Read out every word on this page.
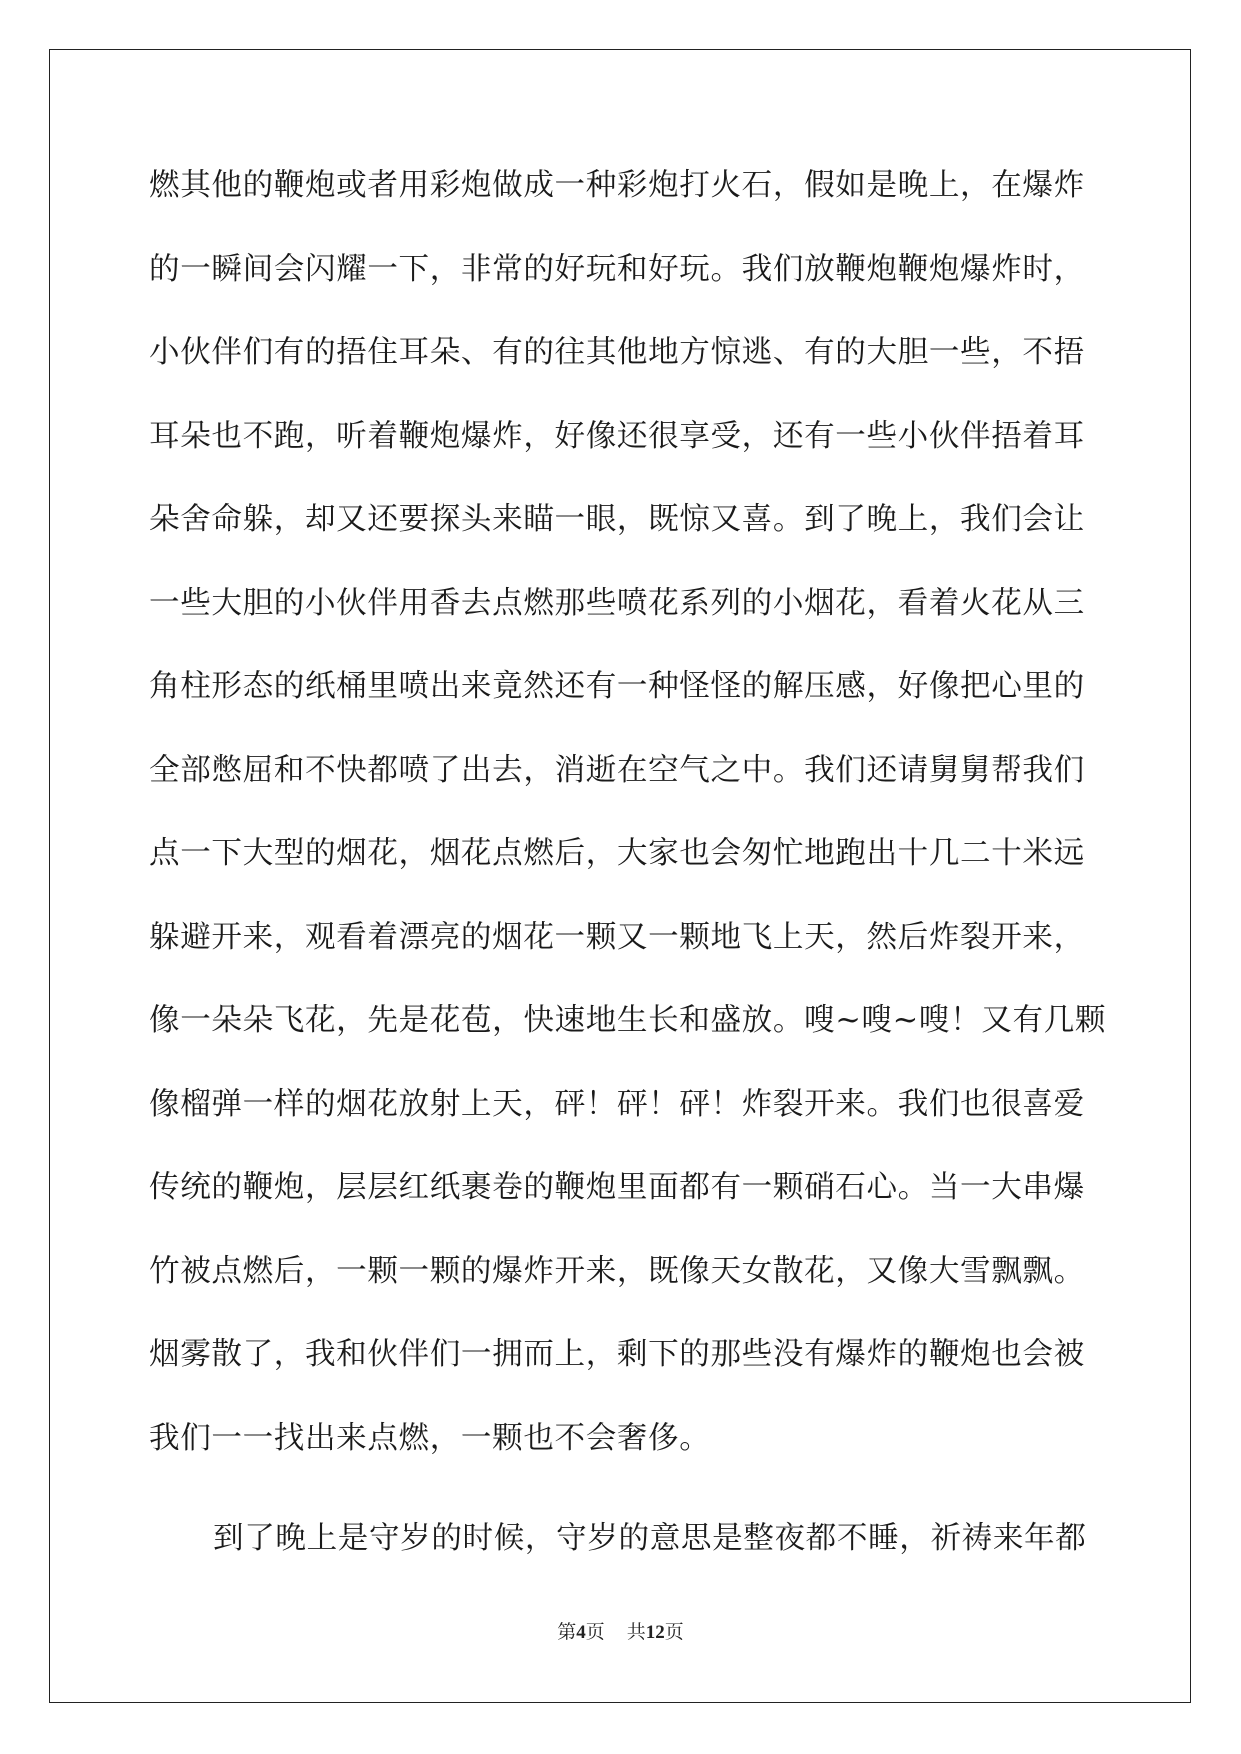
燃其他的鞭炮或者用彩炮做成一种彩炮打火石，假如是晚上，在爆炸
的一瞬间会闪耀一下，非常的好玩和好玩。我们放鞭炮鞭炮爆炸时，
小伙伴们有的捂住耳朵、有的往其他地方惊逃、有的大胆一些，不捂
耳朵也不跑，听着鞭炮爆炸，好像还很享受，还有一些小伙伴捂着耳
朵舍命躲，却又还要探头来瞄一眼，既惊又喜。到了晚上，我们会让
一些大胆的小伙伴用香去点燃那些喷花系列的小烟花，看着火花从三
角柱形态的纸桶里喷出来竟然还有一种怪怪的解压感，好像把心里的
全部憋屈和不快都喷了出去，消逝在空气之中。我们还请舅舅帮我们
点一下大型的烟花，烟花点燃后，大家也会匆忙地跑出十几二十米远
躲避开来，观看着漂亮的烟花一颗又一颗地飞上天，然后炸裂开来，
像一朵朵飞花，先是花苞，快速地生长和盛放。嗖~嗖~嗖！又有几颗
像榴弹一样的烟花放射上天，砰！砰！砰！炸裂开来。我们也很喜爱
传统的鞭炮，层层红纸裹卷的鞭炮里面都有一颗硝石心。当一大串爆
竹被点燃后，一颗一颗的爆炸开来，既像天女散花，又像大雪飘飘。
烟雾散了，我和伙伴们一拥而上，剩下的那些没有爆炸的鞭炮也会被
我们一一找出来点燃，一颗也不会奢侈。
到了晚上是守岁的时候，守岁的意思是整夜都不睡，祈祷来年都
第4页 共12页
